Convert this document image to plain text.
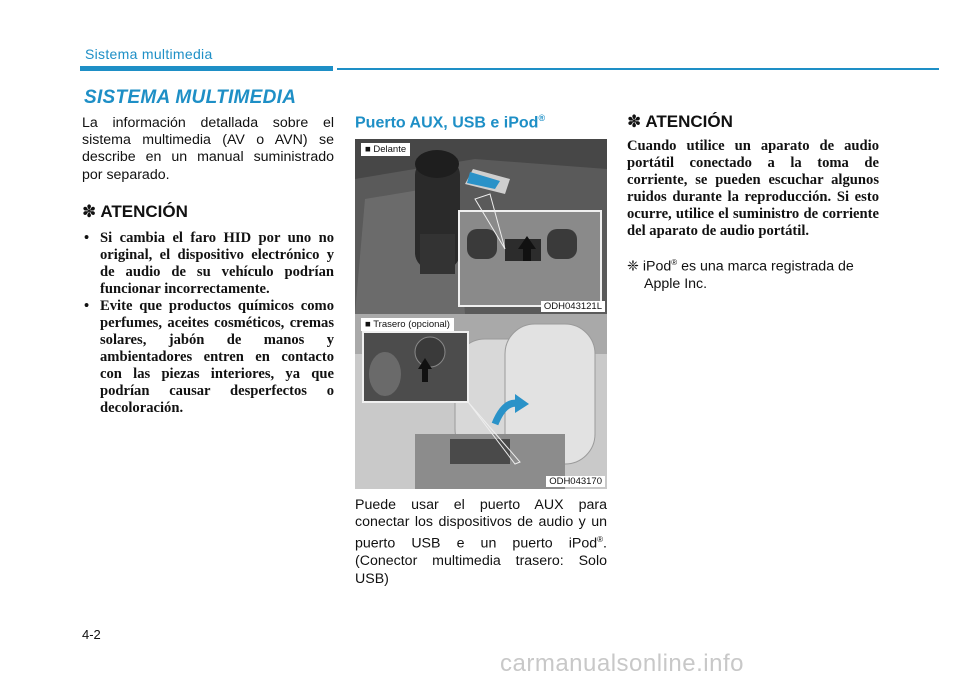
Sistema multimedia
SISTEMA MULTIMEDIA

La información detallada sobre el sistema multimedia (AV o AVN) se describe en un manual suministrado por separado.

✽ ATENCIÓN
• Si cambia el faro HID por uno no original, el dispositivo electrónico y de audio de su vehículo podrían funcionar incorrectamente.
• Evite que productos químicos como perfumes, aceites cosméticos, cremas solares, jabón de manos y ambientadores entren en contacto con las piezas interiores, ya que podrían causar desperfectos o decoloración.
Puerto AUX, USB e iPod®
■ Delante
ODH043121L
■ Trasero (opcional)
ODH043170

Puede usar el puerto AUX para conectar los dispositivos de audio y un puerto USB e un puerto iPod®. (Conector multimedia trasero: Solo USB)

✽ ATENCIÓN

Cuando utilice un aparato de audio portátil conectado a la toma de corriente, se pueden escuchar algunos ruidos durante la reproducción. Si esto ocurre, utilice el suministro de corriente del aparato de audio portátil.

❈ iPod® es una marca registrada de Apple Inc.

4-2
carmanualsonline.info
